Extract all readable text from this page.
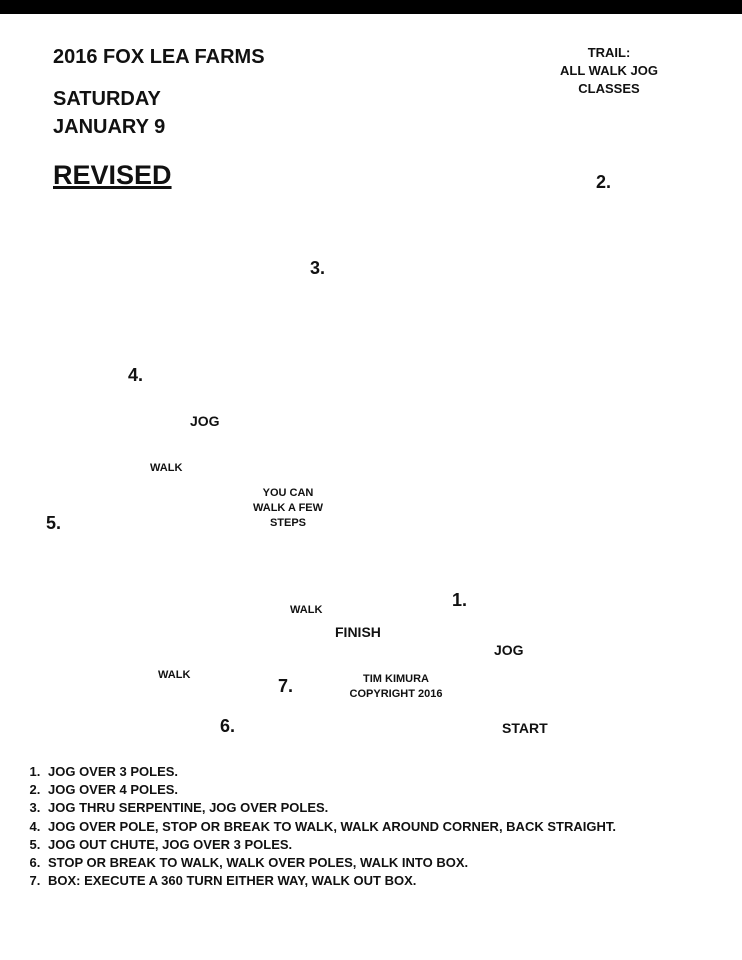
2016 FOX LEA FARMS
SATURDAY
JANUARY 9
REVISED
TRAIL:
ALL WALK JOG
CLASSES
1.
2.
3.
4.
5.
6.
7.
JOG
JOG
WALK
WALK
WALK
YOU CAN
WALK A FEW
STEPS
START
FINISH
TIM KIMURA
COPYRIGHT 2016
1. JOG OVER 3 POLES.
2. JOG OVER 4 POLES.
3. JOG THRU SERPENTINE, JOG OVER POLES.
4. JOG OVER POLE, STOP OR BREAK TO WALK, WALK AROUND CORNER, BACK STRAIGHT.
5. JOG OUT CHUTE, JOG OVER 3 POLES.
6. STOP OR BREAK TO WALK, WALK OVER POLES, WALK INTO BOX.
7. BOX: EXECUTE A 360 TURN EITHER WAY, WALK OUT BOX.
